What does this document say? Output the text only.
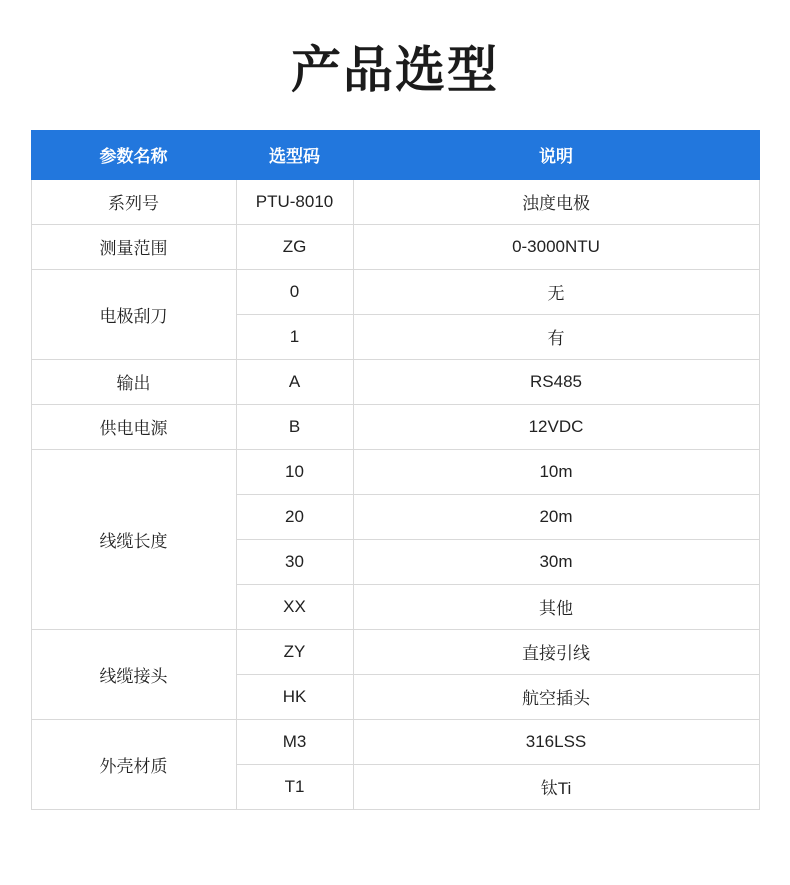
产品选型
参数名称	选型码	说明
系列号	PTU-8010	浊度电极
测量范围	ZG	0-3000NTU
电极刮刀	0	无
	1	有
输出	A	RS485
供电电源	B	12VDC
线缆长度	10	10m
	20	20m
	30	30m
	XX	其他
线缆接头	ZY	直接引线
	HK	航空插头
外壳材质	M3	316LSS
	T1	钛Ti
